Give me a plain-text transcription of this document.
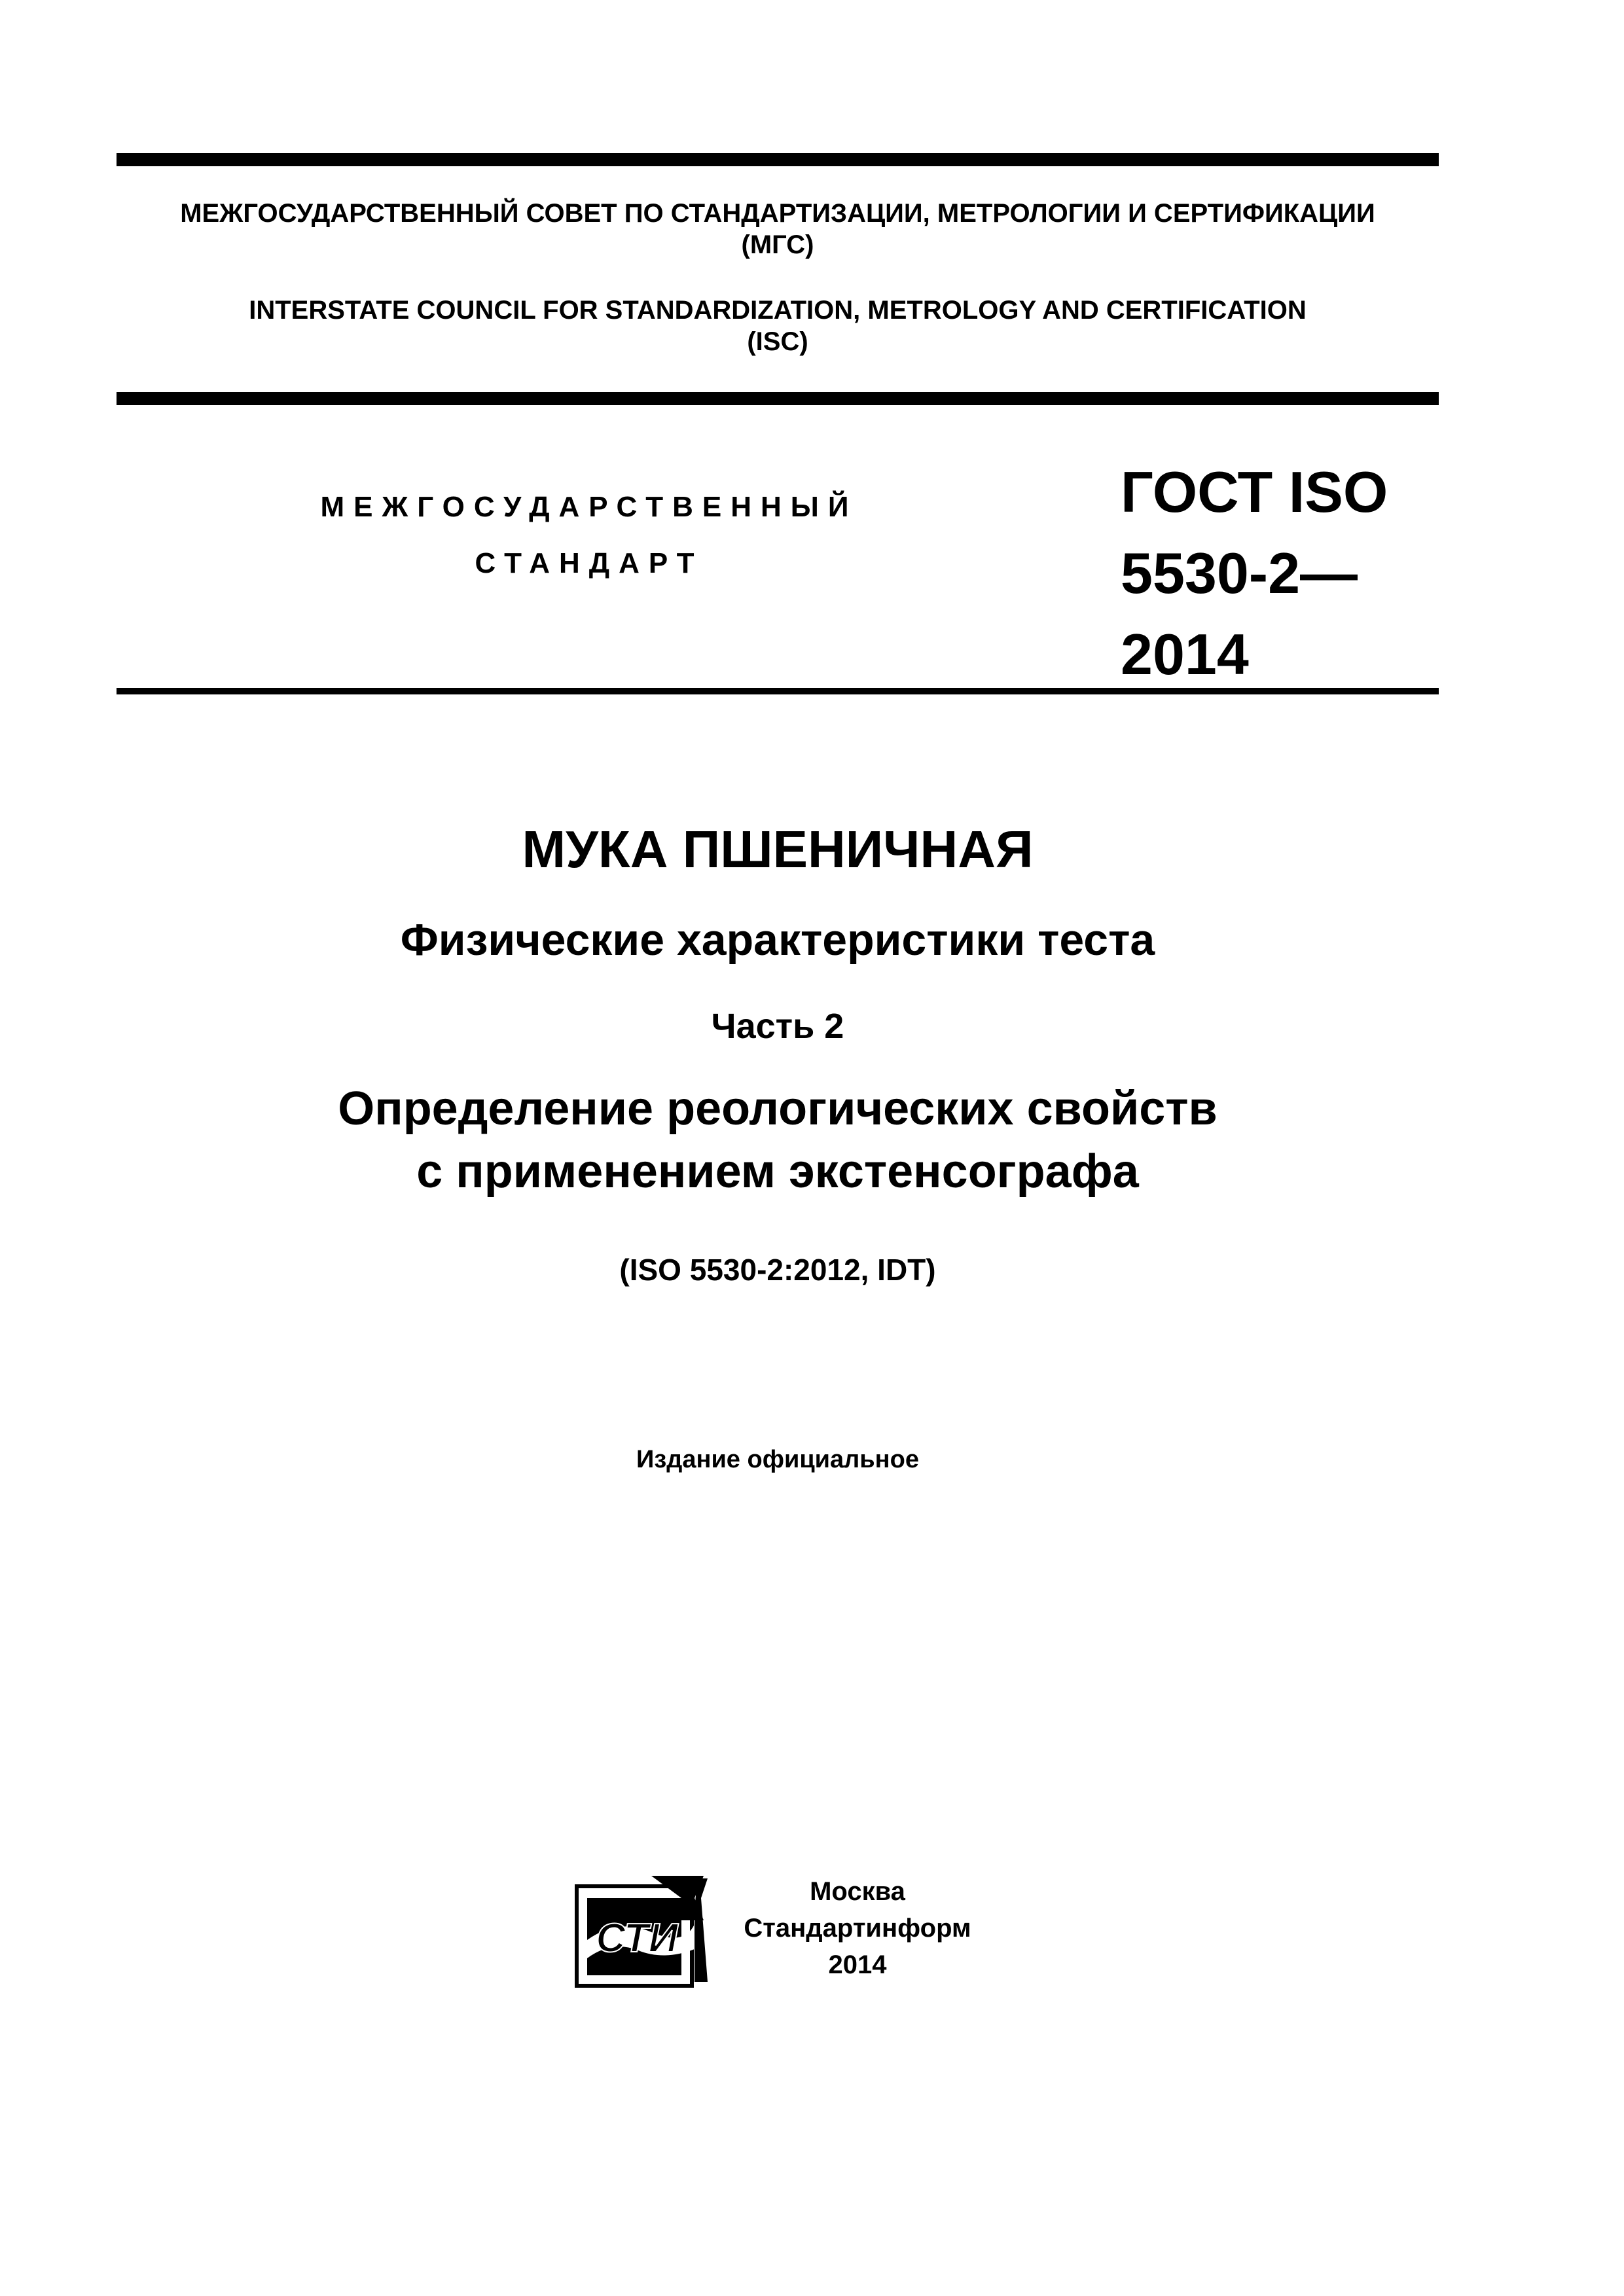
МЕЖГОСУДАРСТВЕННЫЙ СОВЕТ ПО СТАНДАРТИЗАЦИИ, МЕТРОЛОГИИ И СЕРТИФИКАЦИИ
(МГС)
INTERSTATE COUNCIL FOR STANDARDIZATION, METROLOGY AND CERTIFICATION
(ISC)
МЕЖГОСУДАРСТВЕННЫЙ
СТАНДАРТ
ГОСТ ISO
5530-2—
2014
МУКА ПШЕНИЧНАЯ
Физические характеристики теста
Часть 2
Определение реологических свойств
с применением экстенсографа
(ISO 5530-2:2012, IDT)
Издание официальное
СТИ
Москва
Стандартинформ
2014
